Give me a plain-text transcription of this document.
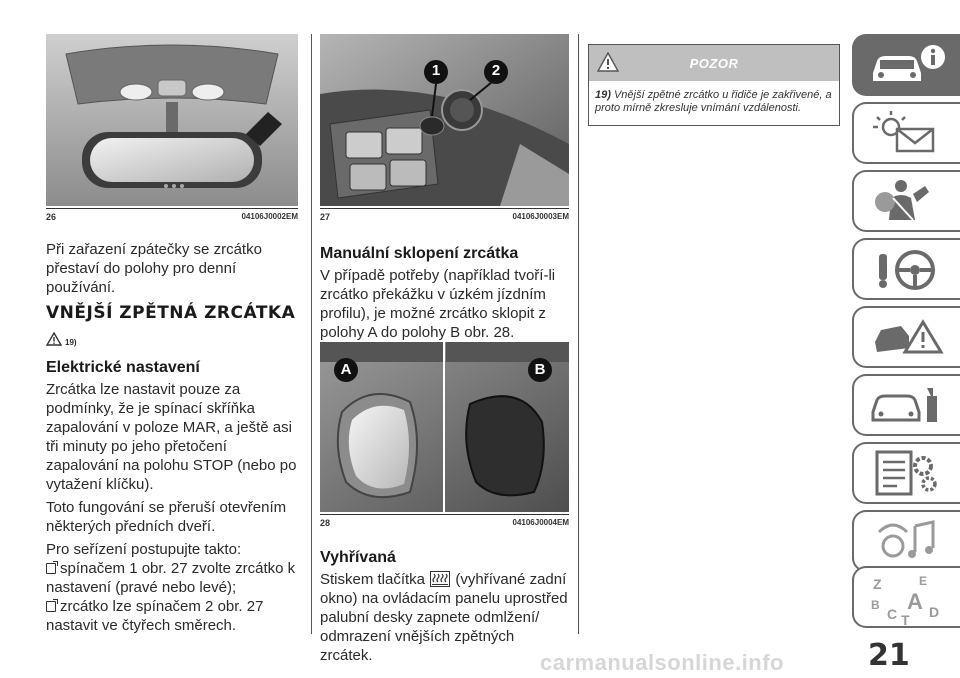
26	04106J0002EM
1	2
27	04106J0003EM
A	B
28	04106J0004EM

Při zařazení zpátečky se zrcátko přestaví do polohy pro denní používání.

VNĚJŠÍ ZPĚTNÁ ZRCÁTKA
19)
Elektrické nastavení

Zrcátka lze nastavit pouze za podmínky, že je spínací skříňka zapalování v poloze MAR, a ještě asi tři minuty po jeho přetočení zapalování na polohu STOP (nebo po vytažení klíčku).

Toto fungování se přeruší otevřením některých předních dveří.

Pro seřízení postupujte takto:

spínačem 1 obr. 27 zvolte zrcátko k nastavení (pravé nebo levé);
zrcátko lze spínačem 2 obr. 27 nastavit ve čtyřech směrech.
Manuální sklopení zrcátka

V případě potřeby (například tvoří-li zrcátko překážku v úzkém jízdním profilu), je možné zrcátko sklopit z polohy A do polohy B obr. 28.

Vyhřívaná

Stiskem tlačítka (vyhřívané zadní okno) na ovládacím panelu uprostřed palubní desky zapnete odmlžení/ odmrazení vnějších zpětných zrcátek.

POZOR
19) Vnější zpětné zrcátko u řidiče je zakřivené, a proto mírně zkresluje vnímání vzdálenosti.
Z	E
B A
C D
T
21
carmanualsonline.info
